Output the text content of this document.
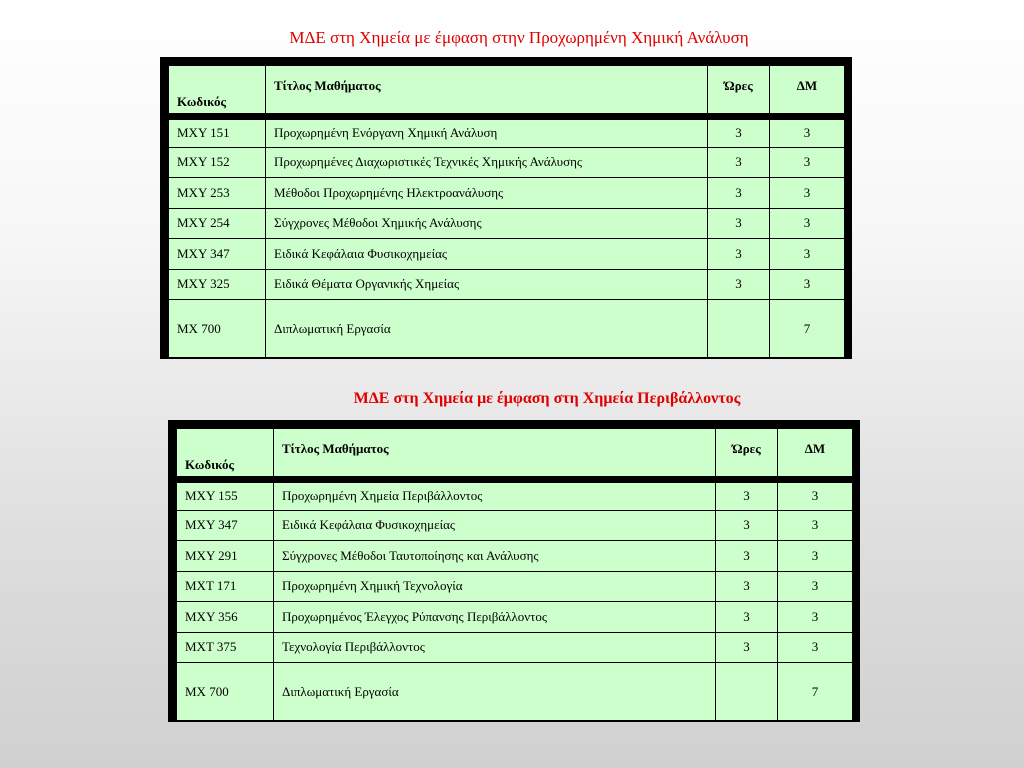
ΜΔΕ στη Χημεία με έμφαση στην Προχωρημένη Χημική Ανάλυση
Κωδικός	Τίτλος Μαθήματος	Ώρες	ΔΜ
ΜΧΥ 151	Προχωρημένη Ενόργανη Χημική Ανάλυση	3	3
ΜΧΥ 152	Προχωρημένες Διαχωριστικές Τεχνικές Χημικής Ανάλυσης	3	3
ΜΧΥ 253	Μέθοδοι Προχωρημένης Ηλεκτροανάλυσης	3	3
ΜΧΥ 254	Σύγχρονες Μέθοδοι Χημικής Ανάλυσης	3	3
ΜΧΥ 347	Ειδικά Κεφάλαια Φυσικοχημείας	3	3
ΜΧΥ 325	Ειδικά Θέματα Οργανικής Χημείας	3	3
ΜΧ 700	Διπλωματική Εργασία		7
ΜΔΕ στη Χημεία με έμφαση στη Χημεία Περιβάλλοντος
Κωδικός	Τίτλος Μαθήματος	Ώρες	ΔΜ
ΜΧΥ 155	Προχωρημένη Χημεία Περιβάλλοντος	3	3
ΜΧΥ 347	Ειδικά Κεφάλαια Φυσικοχημείας	3	3
ΜΧΥ 291	Σύγχρονες Μέθοδοι Ταυτοποίησης και Ανάλυσης	3	3
ΜΧΤ 171	Προχωρημένη Χημική Τεχνολογία	3	3
ΜΧΥ 356	Προχωρημένος Έλεγχος Ρύπανσης Περιβάλλοντος	3	3
ΜΧΤ 375	Τεχνολογία Περιβάλλοντος	3	3
ΜΧ 700	Διπλωματική Εργασία		7
